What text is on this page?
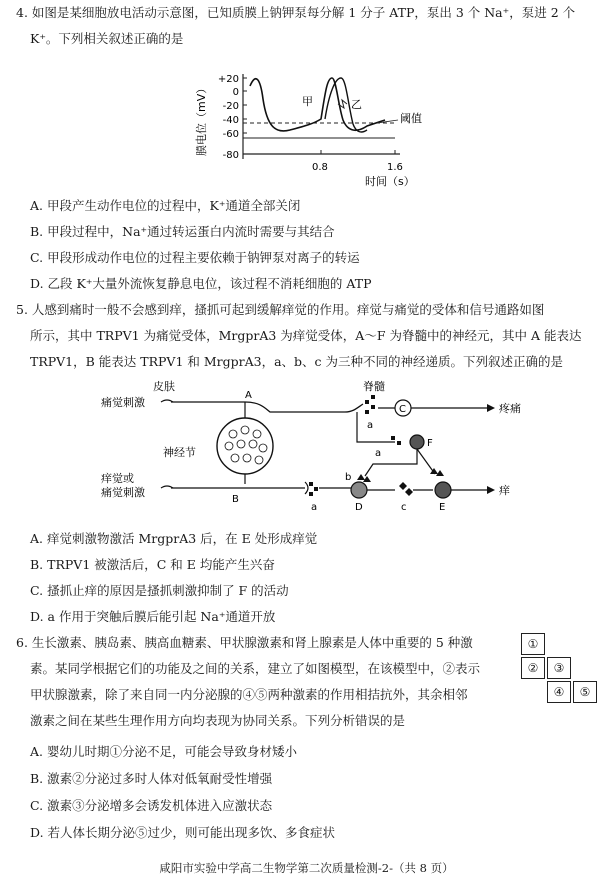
4. 如图是某细胞放电活动示意图，已知质膜上钠钾泵每分解 1 分子 ATP，泵出 3 个 Na⁺，泵进 2 个
K⁺。下列相关叙述正确的是
膜电位（mV）
+20
0
-20
-40
-60
-80
甲	乙
阈值
0.8	1.6
时间（s）
A. 甲段产生动作电位的过程中，K⁺通道全部关闭
B. 甲段过程中，Na⁺通过转运蛋白内流时需要与其结合
C. 甲段形成动作电位的过程主要依赖于钠钾泵对离子的转运
D. 乙段 K⁺大量外流恢复静息电位，该过程不消耗细胞的 ATP
5. 人感到痛时一般不会感到痒，搔抓可起到缓解痒觉的作用。痒觉与痛觉的受体和信号通路如图
所示，其中 TRPV1 为痛觉受体，MrgprA3 为痒觉受体，A～F 为脊髓中的神经元，其中 A 能表达
TRPV1，B 能表达 TRPV1 和 MrgprA3，a、b、c 为三种不同的神经递质。下列叙述正确的是
皮肤
痛觉刺激
痒觉或
痛觉刺激
神经节
脊髓
A
B
a
a
C	疼痛
a
F
b
D	c	E
痒
A. 痒觉刺激物激活 MrgprA3 后，在 E 处形成痒觉
B. TRPV1 被激活后，C 和 E 均能产生兴奋
C. 搔抓止痒的原因是搔抓刺激抑制了 F 的活动
D. a 作用于突触后膜后能引起 Na⁺通道开放
6. 生长激素、胰岛素、胰高血糖素、甲状腺激素和肾上腺素是人体中重要的 5 种激
素。某同学根据它们的功能及之间的关系，建立了如图模型，在该模型中，②表示
甲状腺激素，除了来自同一内分泌腺的④⑤两种激素的作用相拮抗外，其余相邻
激素之间在某些生理作用方向均表现为协同关系。下列分析错误的是
①
②	③
④	⑤
A. 婴幼儿时期①分泌不足，可能会导致身材矮小
B. 激素②分泌过多时人体对低氧耐受性增强
C. 激素③分泌增多会诱发机体进入应激状态
D. 若人体长期分泌⑤过少，则可能出现多饮、多食症状
咸阳市实验中学高二生物学第二次质量检测-2-（共 8 页）
